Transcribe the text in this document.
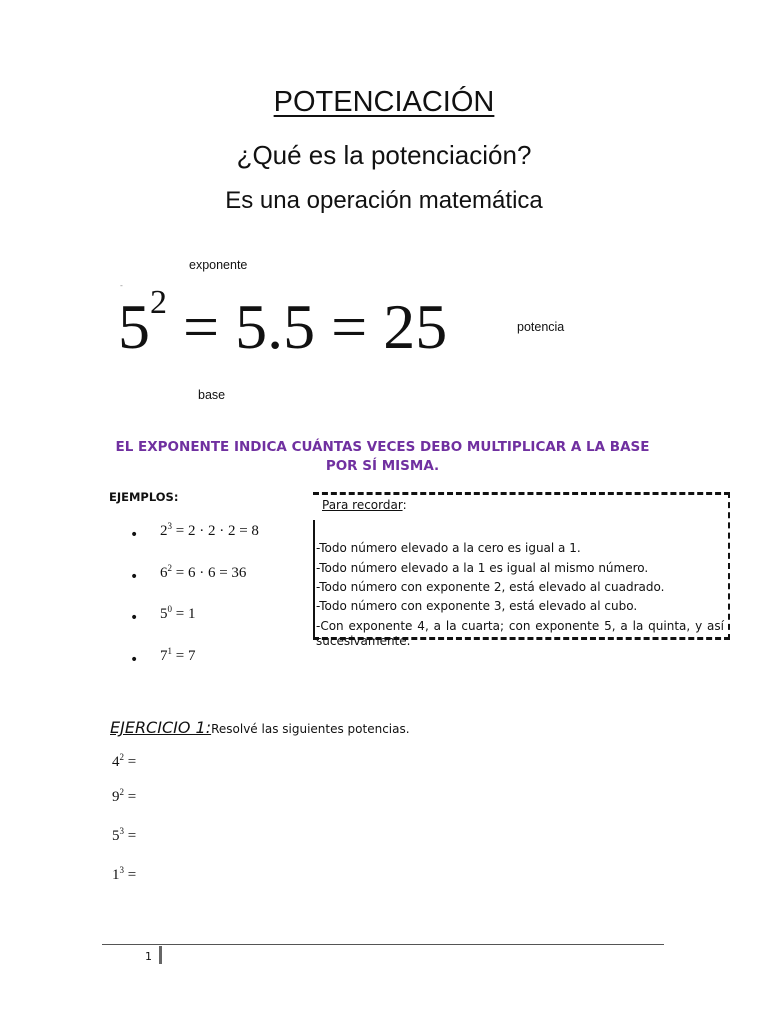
POTENCIACIÓN
¿Qué es la potenciación?
Es una operación matemática
exponente
-
$5^2 = 5.5 = 25$	potencia
base
EL EXPONENTE INDICA CUÁNTAS VECES DEBO MULTIPLICAR A LA BASE POR SÍ MISMA.
EJEMPLOS:
• $2^3 = 2 \cdot 2 \cdot 2 = 8$
• $6^2 = 6 \cdot 6 = 36$
• $5^0 = 1$
• $7^1 = 7$
Para recordar:
-Todo número elevado a la cero es igual a 1.
-Todo número elevado a la 1 es igual al mismo número.
-Todo número con exponente 2, está elevado al cuadrado.
-Todo número con exponente 3, está elevado al cubo.
-Con exponente 4, a la cuarta; con exponente 5, a la quinta, y así sucesivamente.
EJERCICIO 1:Resolvé las siguientes potencias.
$4^2$ =
$9^2$ =
$5^3$ =
$1^3$ =
1
